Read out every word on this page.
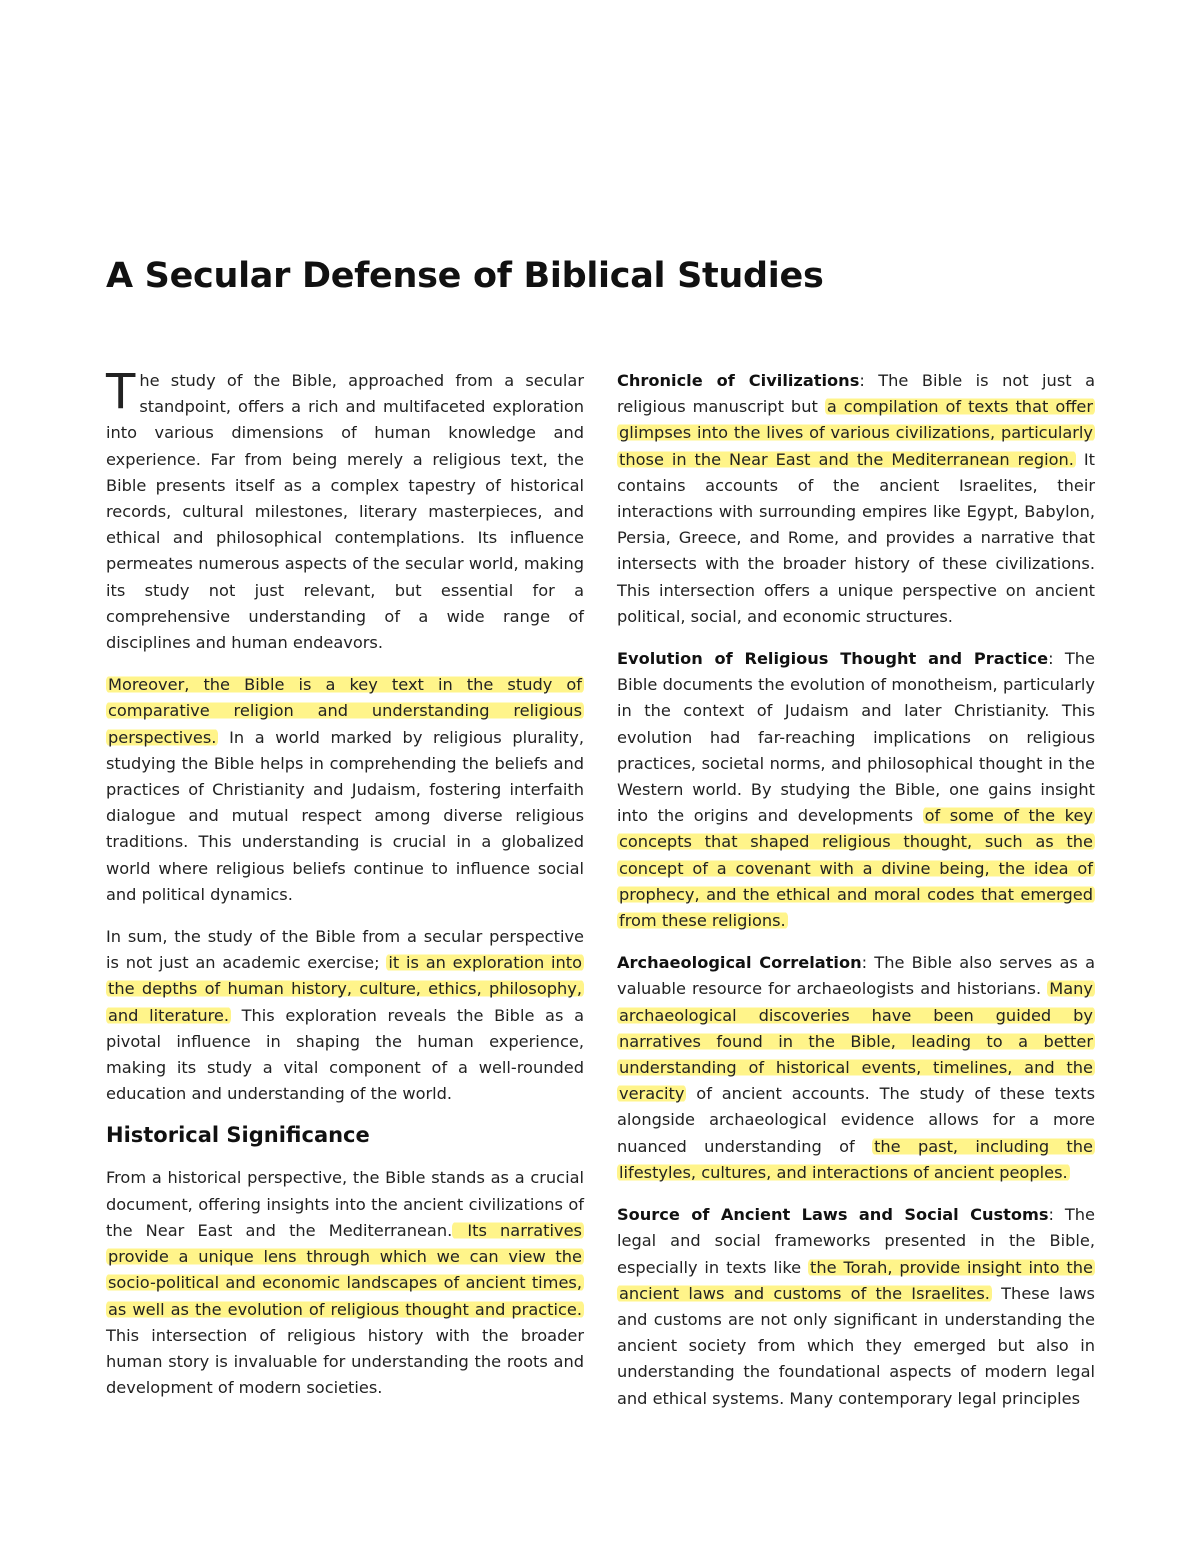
A Secular Defense of Biblical Studies

The study of the Bible, approached from a secular standpoint, offers a rich and multifaceted exploration into various dimensions of human knowledge and experience. Far from being merely a religious text, the Bible presents itself as a complex tapestry of historical records, cultural milestones, literary masterpieces, and ethical and philosophical contemplations. Its influence permeates numerous aspects of the secular world, making its study not just relevant, but essential for a comprehensive understanding of a wide range of disciplines and human endeavors.

Moreover, the Bible is a key text in the study of comparative religion and understanding religious perspectives. In a world marked by religious plurality, studying the Bible helps in comprehending the beliefs and practices of Christianity and Judaism, fostering interfaith dialogue and mutual respect among diverse religious traditions. This understanding is crucial in a globalized world where religious beliefs continue to influence social and political dynamics.

In sum, the study of the Bible from a secular perspective is not just an academic exercise; it is an exploration into the depths of human history, culture, ethics, philosophy, and literature. This exploration reveals the Bible as a pivotal influence in shaping the human experience, making its study a vital component of a well-rounded education and understanding of the world.

Historical Significance

From a historical perspective, the Bible stands as a crucial document, offering insights into the ancient civilizations of the Near East and the Mediterranean. Its narratives provide a unique lens through which we can view the socio-political and economic landscapes of ancient times, as well as the evolution of religious thought and practice. This intersection of religious history with the broader human story is invaluable for understanding the roots and development of modern societies.

Chronicle of Civilizations: The Bible is not just a religious manuscript but a compilation of texts that offer glimpses into the lives of various civilizations, particularly those in the Near East and the Mediterranean region. It contains accounts of the ancient Israelites, their interactions with surrounding empires like Egypt, Babylon, Persia, Greece, and Rome, and provides a narrative that intersects with the broader history of these civilizations. This intersection offers a unique perspective on ancient political, social, and economic structures.

Evolution of Religious Thought and Practice: The Bible documents the evolution of monotheism, particularly in the context of Judaism and later Christianity. This evolution had far-reaching implications on religious practices, societal norms, and philosophical thought in the Western world. By studying the Bible, one gains insight into the origins and developments of some of the key concepts that shaped religious thought, such as the concept of a covenant with a divine being, the idea of prophecy, and the ethical and moral codes that emerged from these religions.

Archaeological Correlation: The Bible also serves as a valuable resource for archaeologists and historians. Many archaeological discoveries have been guided by narratives found in the Bible, leading to a better understanding of historical events, timelines, and the veracity of ancient accounts. The study of these texts alongside archaeological evidence allows for a more nuanced understanding of the past, including the lifestyles, cultures, and interactions of ancient peoples.

Source of Ancient Laws and Social Customs: The legal and social frameworks presented in the Bible, especially in texts like the Torah, provide insight into the ancient laws and customs of the Israelites. These laws and customs are not only significant in understanding the ancient society from which they emerged but also in understanding the foundational aspects of modern legal and ethical systems. Many contemporary legal principles
